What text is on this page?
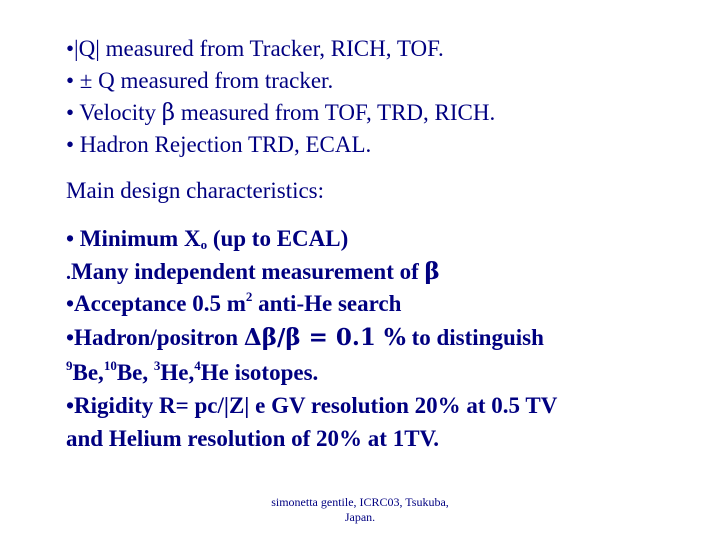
•|Q| measured from Tracker, RICH, TOF.
• ± Q measured from tracker.
• Velocity β measured from TOF, TRD, RICH.
• Hadron Rejection TRD, ECAL.
Main design characteristics:
• Minimum $X_o$ (up to ECAL)
.Many independent measurement of β
•Acceptance 0.5 $m^2$ anti-He search
•Hadron/positron Δβ/β = 0.1 % to distinguish
$^9$Be,$^{10}$Be, $^3$He,$^4$He isotopes.
•Rigidity R= pc/|Z| e GV resolution 20% at 0.5 TV
and Helium resolution of 20% at 1TV.
simonetta gentile, ICRC03, Tsukuba,
Japan.
